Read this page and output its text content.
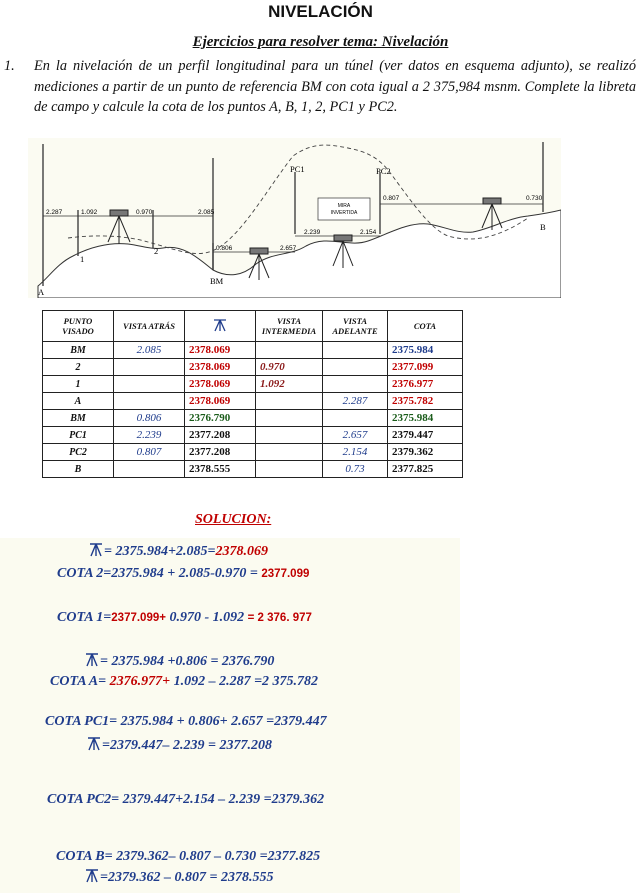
NIVELACIÓN
Ejercicios para resolver tema: Nivelación
1. En la nivelación de un perfil longitudinal para un túnel (ver datos en esquema adjunto), se realizó mediciones a partir de un punto de referencia BM con cota igual a 2 375,984 msnm. Complete la libreta de campo y calcule la cota de los puntos A, B, 1, 2, PC1 y PC2.
MIRA
INVERTIDA
2.287	1.092	0.970	2.085
0.806	2.657
2.239	2.154
0.807	0.730
A
1
2
BM
PC1	PC2
B
PUNTO VISADO	VISTA ATRÁS		VISTA INTERMEDIA	VISTA ADELANTE	COTA
BM	2.085	2378.069			2375.984
2		2378.069	0.970		2377.099
1		2378.069	1.092		2376.977
A		2378.069		2.287	2375.782
BM	0.806	2376.790			2375.984
PC1	2.239	2377.208		2.657	2379.447
PC2	0.807	2377.208		2.154	2379.362
B		2378.555		0.73	2377.825
SOLUCION:
= 2375.984+2.085=2378.069
COTA 2=2375.984 + 2.085-0.970 = 2377.099
COTA 1=2377.099+ 0.970 - 1.092 = 2 376. 977
= 2375.984 +0.806 = 2376.790
COTA A= 2376.977+ 1.092 – 2.287 =2 375.782
COTA PC1= 2375.984 + 0.806+ 2.657 =2379.447
=2379.447– 2.239 = 2377.208
COTA PC2= 2379.447+2.154 – 2.239 =2379.362
COTA B= 2379.362– 0.807 – 0.730 =2377.825
=2379.362 – 0.807 = 2378.555
